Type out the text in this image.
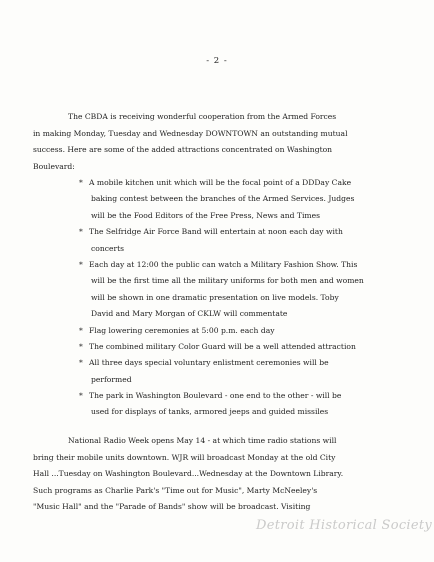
- 2 -
The CBDA is receiving wonderful cooperation from the Armed Forces
in making Monday, Tuesday and Wednesday DOWNTOWN an outstanding mutual
success. Here are some of the added attractions concentrated on Washington
Boulevard:
* A mobile kitchen unit which will be the focal point of a DDDay Cake
baking contest between the branches of the Armed Services. Judges
will be the Food Editors of the Free Press, News and Times
* The Selfridge Air Force Band will entertain at noon each day with
concerts
* Each day at 12:00 the public can watch a Military Fashion Show. This
will be the first time all the military uniforms for both men and women
will be shown in one dramatic presentation on live models. Toby
David and Mary Morgan of CKLW will commentate
* Flag lowering ceremonies at 5:00 p.m. each day
* The combined military Color Guard will be a well attended attraction
* All three days special voluntary enlistment ceremonies will be
performed
* The park in Washington Boulevard - one end to the other - will be
used for displays of tanks, armored jeeps and guided missiles
National Radio Week opens May 14 - at which time radio stations will
bring their mobile units downtown. WJR will broadcast Monday at the old City
Hall ...Tuesday on Washington Boulevard...Wednesday at the Downtown Library.
Such programs as Charlie Park's "Time out for Music", Marty McNeeley's
"Music Hall" and the "Parade of Bands" show will be broadcast. Visiting
Detroit Historical Society
